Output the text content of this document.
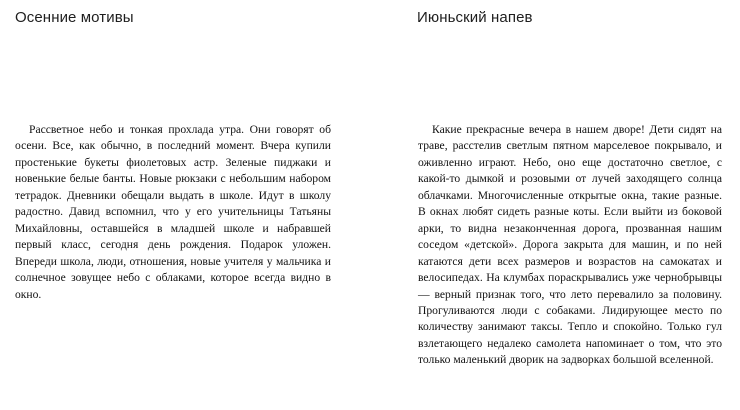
Осенние мотивы

Рассветное небо и тонкая прохлада утра. Они говорят об осени. Все, как обычно, в последний момент. Вчера купили простенькие букеты фиолетовых астр. Зеленые пиджаки и новенькие белые банты. Новые рюкзаки с небольшим набором тетрадок. Дневники обещали выдать в школе. Идут в школу радостно. Давид вспомнил, что у его учительницы Татьяны Михайловны, оставшейся в младшей школе и набравшей первый класс, сегодня день рождения. Подарок уложен. Впереди школа, люди, отношения, новые учителя у мальчика и солнечное зовущее небо с облаками, которое всегда видно в окно.

Июньский напев

Какие прекрасные вечера в нашем дворе! Дети сидят на траве, расстелив светлым пятном марселевое покрывало, и оживленно играют. Небо, оно еще достаточно светлое, с какой-то дымкой и розовыми от лучей заходящего солнца облачками. Многочисленные открытые окна, такие разные. В окнах любят сидеть разные коты. Если выйти из боковой арки, то видна незаконченная дорога, прозванная нашим соседом «детской». Дорога закрыта для машин, и по ней катаются дети всех размеров и возрастов на самокатах и велосипедах. На клумбах пораскрывались уже чернобрывцы — верный признак того, что лето перевалило за половину. Прогуливаются люди с собаками. Лидирующее место по количеству занимают таксы. Тепло и спокойно. Только гул взлетающего недалеко самолета напоминает о том, что это только маленький дворик на задворках большой вселенной.
